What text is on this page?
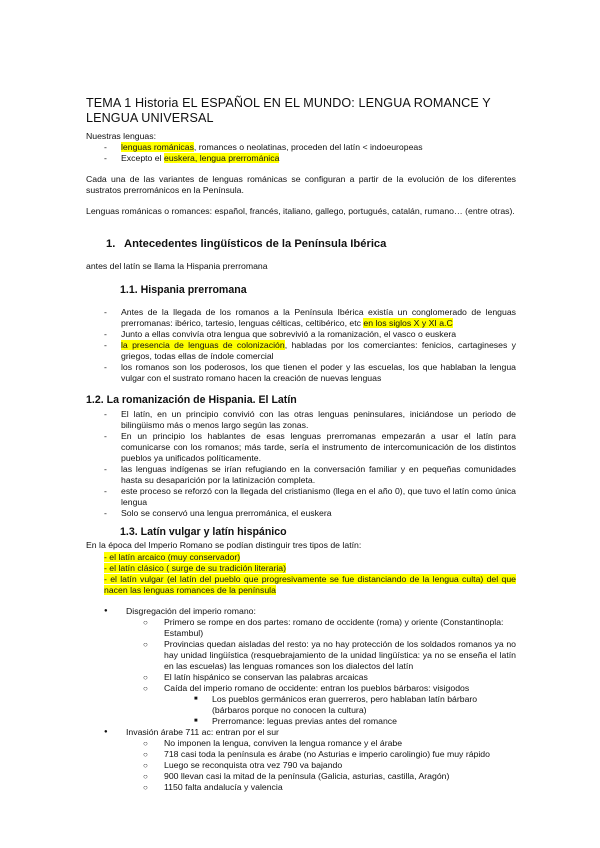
TEMA 1 Historia EL ESPAÑOL EN EL MUNDO: LENGUA ROMANCE Y LENGUA UNIVERSAL

Nuestras lenguas:

- lenguas románicas, romances o neolatinas, proceden del latín < indoeuropeas
- Excepto el euskera, lengua prerrománica

Cada una de las variantes de lenguas románicas se configuran a partir de la evolución de los diferentes sustratos prerrománicos en la Península.

Lenguas románicas o romances: español, francés, italiano, gallego, portugués, catalán, rumano… (entre otras).

1. Antecedentes lingüísticos de la Península Ibérica

antes del latín se llama la Hispania prerromana

1.1. Hispania prerromana
- Antes de la llegada de los romanos a la Península Ibérica existía un conglomerado de lenguas prerromanas: ibérico, tartesio, lenguas célticas, celtibérico, etc en los siglos X y XI a.C
- Junto a ellas convivía otra lengua que sobrevivió a la romanización, el vasco o euskera
- la presencia de lenguas de colonización, habladas por los comerciantes: fenicios, cartagineses y griegos, todas ellas de índole comercial
- los romanos son los poderosos, los que tienen el poder y las escuelas, los que hablaban la lengua vulgar con el sustrato romano hacen la creación de nuevas lenguas
1.2. La romanización de Hispania. El Latín
- El latín, en un principio convivió con las otras lenguas peninsulares, iniciándose un periodo de bilingüismo más o menos largo según las zonas.
- En un principio los hablantes de esas lenguas prerromanas empezarán a usar el latín para comunicarse con los romanos; más tarde, sería el instrumento de intercomunicación de los distintos pueblos ya unificados políticamente.
- las lenguas indígenas se irían refugiando en la conversación familiar y en pequeñas comunidades hasta su desaparición por la latinización completa.
- este proceso se reforzó con la llegada del cristianismo (llega en el año 0), que tuvo el latín como única lengua
- Solo se conservó una lengua prerrománica, el euskera
1.3. Latín vulgar y latín hispánico

En la época del Imperio Romano se podían distinguir tres tipos de latín:

- el latín arcaico (muy conservador)
- el latín clásico ( surge de su tradición literaria)
- el latín vulgar (el latín del pueblo que progresivamente se fue distanciando de la lengua culta) del que nacen las lenguas romances de la península
● Disgregación del imperio romano:
○ Primero se rompe en dos partes: romano de occidente (roma) y oriente (Constantinopla: Estambul)
○ Provincias quedan aisladas del resto: ya no hay protección de los soldados romanos ya no hay unidad lingüística (resquebrajamiento de la unidad lingüística: ya no se enseña el latín en las escuelas) las lenguas romances son los dialectos del latín
○ El latín hispánico se conservan las palabras arcaicas
○ Caída del imperio romano de occidente: entran los pueblos bárbaros: visigodos
■ Los pueblos germánicos eran guerreros, pero hablaban latín bárbaro (bárbaros porque no conocen la cultura)
■ Prerromance: leguas previas antes del romance
● Invasión árabe 711 ac: entran por el sur
○ No imponen la lengua, conviven la lengua romance y el árabe
○ 718 casi toda la península es árabe (no Asturias e imperio carolingio) fue muy rápido
○ Luego se reconquista otra vez 790 va bajando
○ 900 llevan casi la mitad de la península (Galicia, asturias, castilla, Aragón)
○ 1150 falta andalucía y valencia
